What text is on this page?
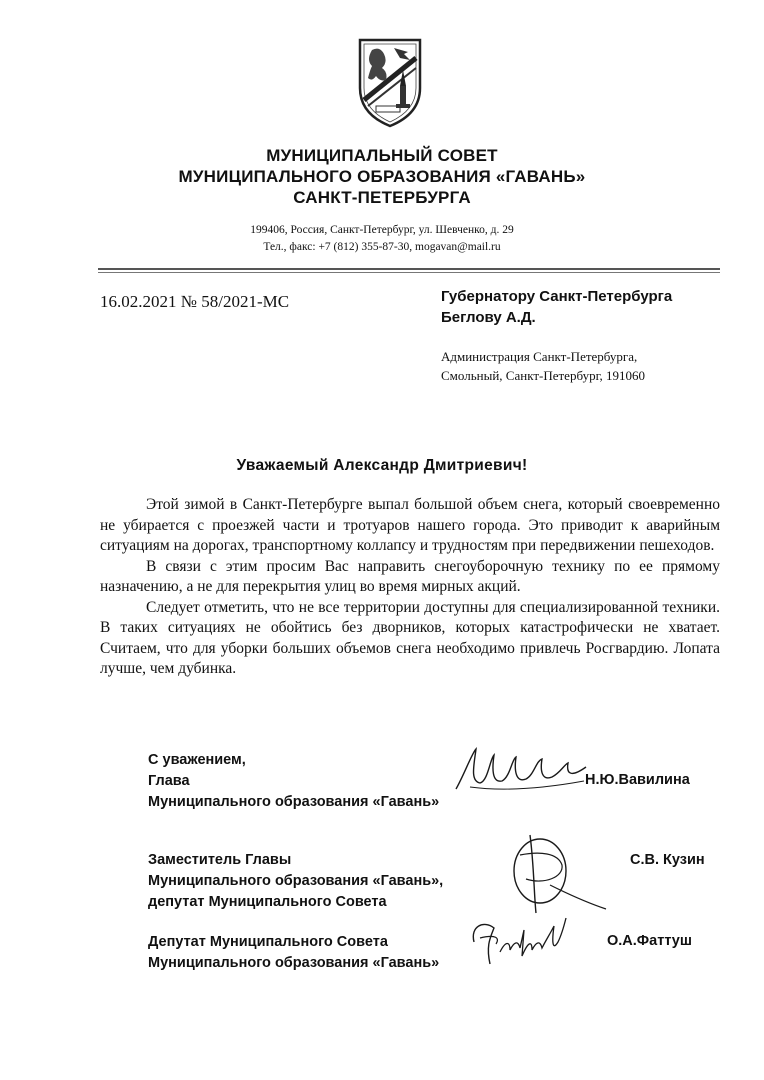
МУНИЦИПАЛЬНЫЙ СОВЕТ
МУНИЦИПАЛЬНОГО ОБРАЗОВАНИЯ «ГАВАНЬ»
САНКТ-ПЕТЕРБУРГА
199406, Россия, Санкт-Петербург, ул. Шевченко, д. 29
Тел., факс: +7 (812) 355-87-30, mogavan@mail.ru
16.02.2021 № 58/2021-МС	Губернатору Санкт-Петербурга
Беглову А.Д.
Администрация Санкт-Петербурга,
Смольный, Санкт-Петербург, 191060
Уважаемый Александр Дмитриевич!

Этой зимой в Санкт-Петербурге выпал большой объем снега, который своевременно не убирается с проезжей части и тротуаров нашего города. Это приводит к аварийным ситуациям на дорогах, транспортному коллапсу и трудностям при передвижении пешеходов.

В связи с этим просим Вас направить снегоуборочную технику по ее прямому назначению, а не для перекрытия улиц во время мирных акций.

Следует отметить, что не все территории доступны для специализированной техники. В таких ситуациях не обойтись без дворников, которых катастрофически не хватает. Считаем, что для уборки больших объемов снега необходимо привлечь Росгвардию. Лопата лучше, чем дубинка.

С уважением,
Глава
Муниципального образования «Гавань»
Н.Ю.Вавилина
Заместитель Главы
Муниципального образования «Гавань»,
депутат Муниципального Совета
С.В. Кузин
Депутат Муниципального Совета
Муниципального образования «Гавань»
О.А.Фаттуш
